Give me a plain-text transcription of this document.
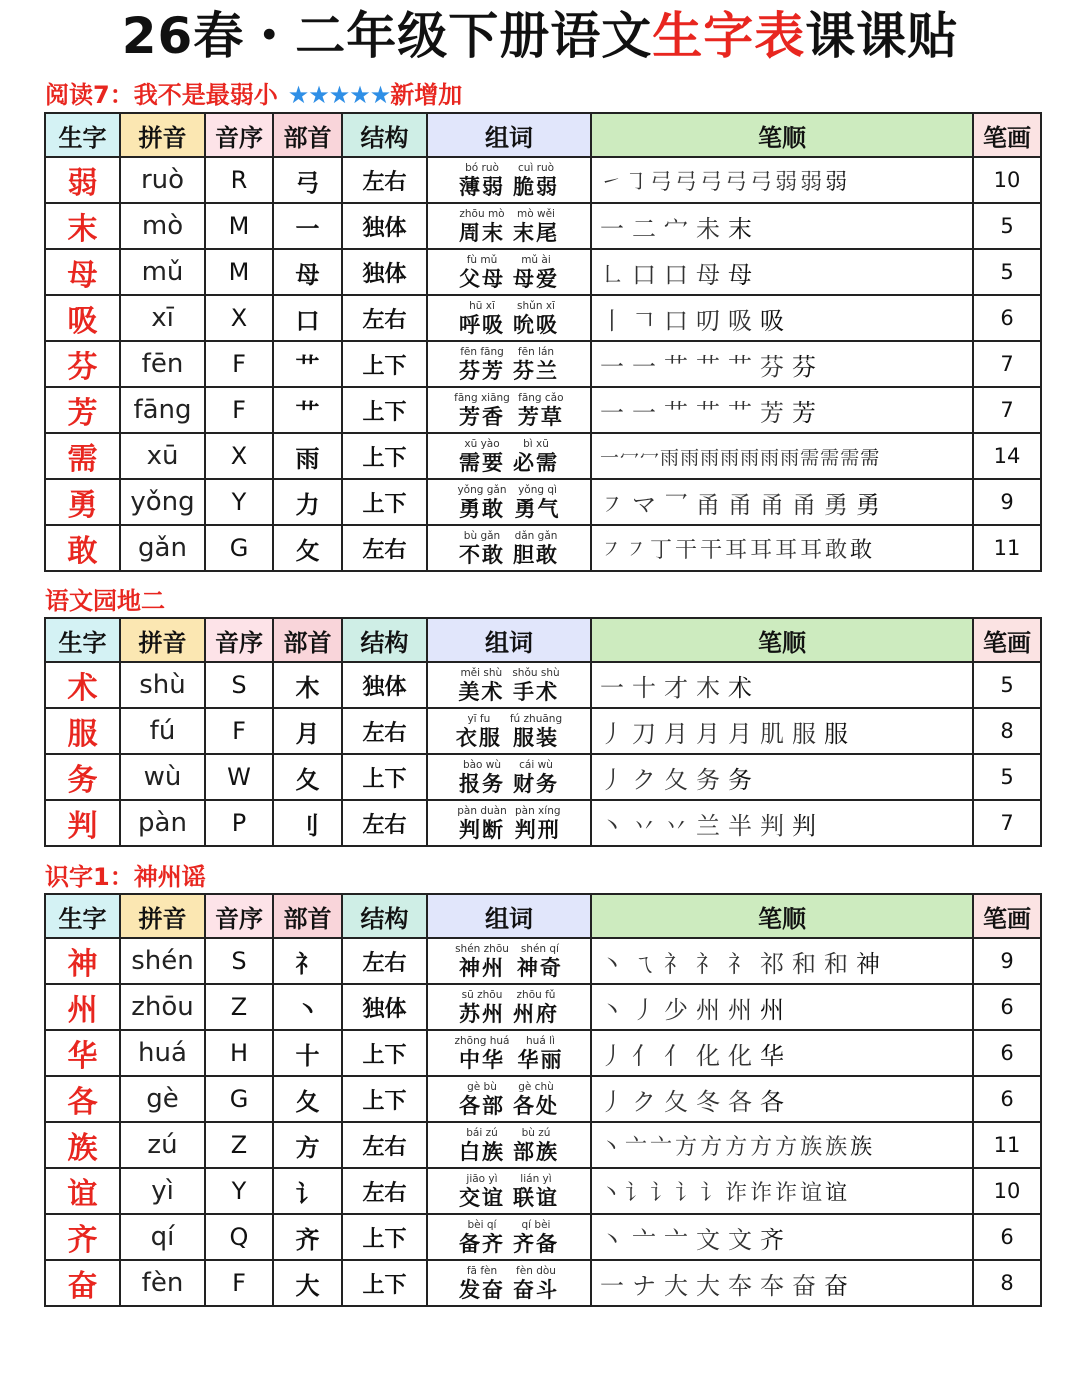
26春・二年级下册语文生字表课课贴
阅读7：我不是最弱小 ★★★★★新增加
生字	拼音	音序	部首	结构	组词	笔顺	笔画
弱	ruò	R	弓	左右	bó ruò
薄弱
cuì ruò
脆弱	㇀ ㇆ 弓 弓 弓 弓 弓 弱 弱 弱	10
末	mò	M	一	独体	zhōu mò
周末
mò wěi
末尾	一 二 宀 未 末	5
母	mǔ	M	母	独体	fù mǔ
父母
mǔ ài
母爱	㇗ 口 口 母 母	5
吸	xī	X	口	左右	hū xī
呼吸
shǔn xī
吮吸	丨 𠃍 口 叨 吸 吸	6
芬	fēn	F	艹	上下	fēn fāng
芬芳
fēn lán
芬兰	一 一 艹 艹 艹 芬 芬	7
芳	fāng	F	艹	上下	fāng xiāng
芳香
fāng cǎo
芳草	一 一 艹 艹 艹 芳 芳	7
需	xū	X	雨	上下	xū yào
需要
bì xū
必需	一冖冖雨雨雨雨雨雨雨需需需需	14
勇	yǒng	Y	力	上下	yǒng gǎn
勇敢
yǒng qì
勇气	㇇ マ 乛 甬 甬 甬 甬 勇 勇	9
敢	gǎn	G	攵	左右	bù gǎn
不敢
dǎn gǎn
胆敢	㇇ ㇇ 丁 干 干 耳 耳 耳 耳 敢 敢	11
语文园地二
生字	拼音	音序	部首	结构	组词	笔顺	笔画
术	shù	S	木	独体	měi shù
美术
shǒu shù
手术	一 十 才 木 术	5
服	fú	F	月	左右	yī fu
衣服
fú zhuāng
服装	丿 刀 月 月 月 肌 服 服	8
务	wù	W	夂	上下	bào wù
报务
cái wù
财务	丿 ク 夂 务 务	5
判	pàn	P	刂	左右	pàn duàn
判断
pàn xíng
判刑	丶 丷 丷 兰 半 判 判	7
识字1：神州谣
生字	拼音	音序	部首	结构	组词	笔顺	笔画
神	shén	S	礻	左右	shén zhōu
神州
shén qí
神奇	丶 ㄟ 礻 礻 礻 祁 和 和 神	9
州	zhōu	Z	丶	独体	sū zhōu
苏州
zhōu fǔ
州府	丶 丿 少 州 州 州	6
华	huá	H	十	上下	zhōng huá
中华
huá lì
华丽	丿 亻 亻 化 化 华	6
各	gè	G	夂	上下	gè bù
各部
gè chù
各处	丿 ク 夂 冬 各 各	6
族	zú	Z	方	左右	bái zú
白族
bù zú
部族	丶 亠 亠 方 方 方 方 方 族 族 族	11
谊	yì	Y	讠	左右	jiāo yì
交谊
lián yì
联谊	丶 讠 讠 讠 讠 诈 诈 诈 谊 谊	10
齐	qí	Q	齐	上下	bèi qí
备齐
qí bèi
齐备	丶 亠 亠 文 文 齐	6
奋	fèn	F	大	上下	fā fèn
发奋
fèn dòu
奋斗	一 ナ 大 大 夲 夲 奋 奋	8
